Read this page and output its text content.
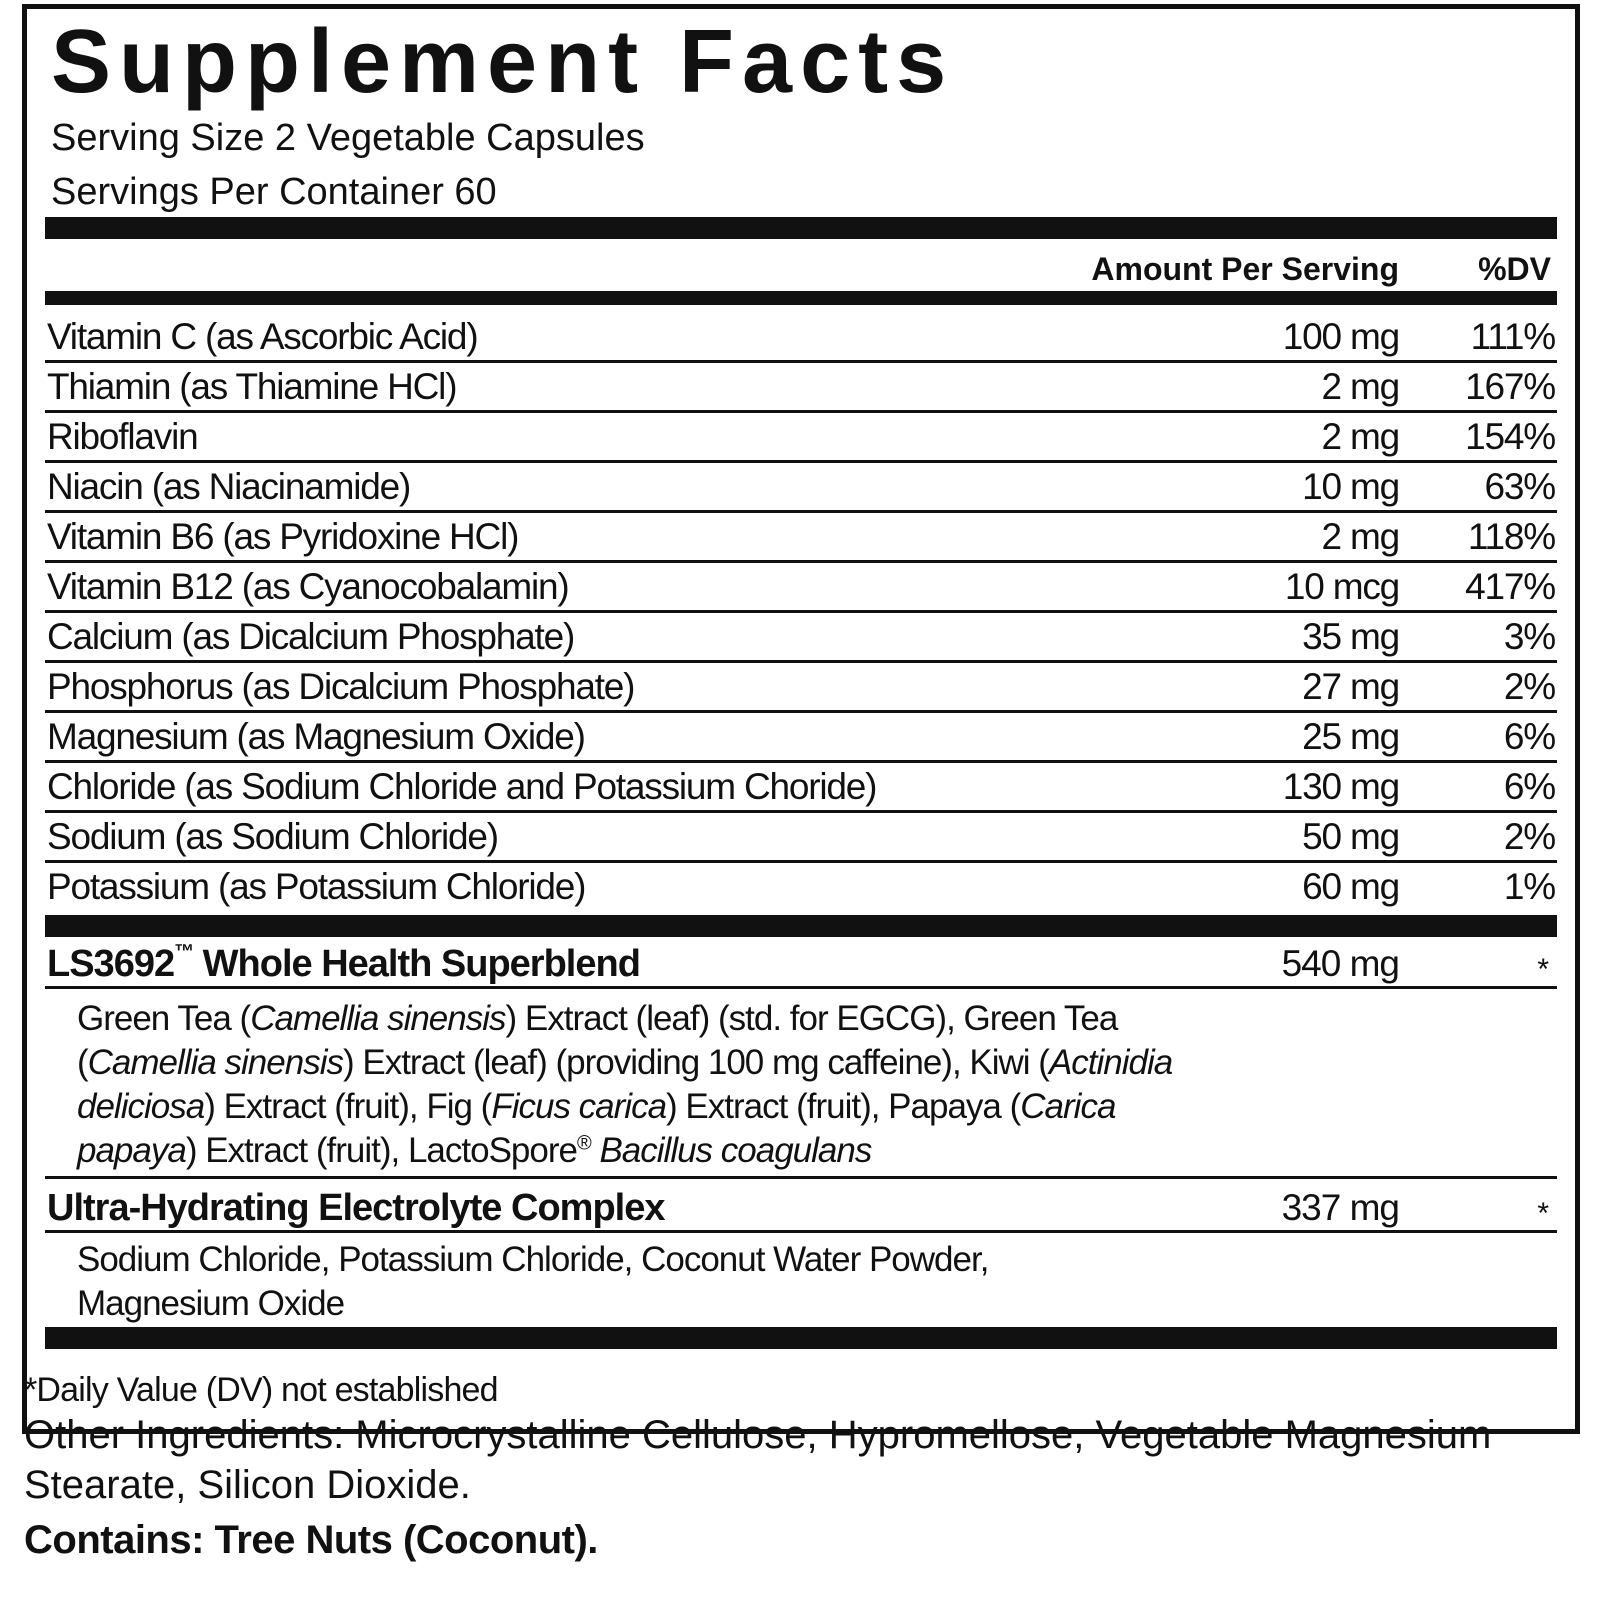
Supplement Facts
Serving Size 2 Vegetable Capsules
Servings Per Container 60
Amount Per Serving %DV
Vitamin C (as Ascorbic Acid)	100 mg 111%
Thiamin (as Thiamine HCl)	2 mg 167%
Riboflavin	2 mg 154%
Niacin (as Niacinamide)	10 mg 63%
Vitamin B6 (as Pyridoxine HCl)	2 mg 118%
Vitamin B12 (as Cyanocobalamin)	10 mcg 417%
Calcium (as Dicalcium Phosphate)	35 mg	3%
Phosphorus (as Dicalcium Phosphate)	27 mg	2%
Magnesium (as Magnesium Oxide)	25 mg	6%
Chloride (as Sodium Chloride and Potassium Choride)	130 mg	6%
Sodium (as Sodium Chloride)	50 mg	2%
Potassium (as Potassium Chloride)	60 mg	1%
LS3692™ Whole Health Superblend	540 mg	*
Green Tea (Camellia sinensis) Extract (leaf) (std. for EGCG), Green Tea (Camellia sinensis) Extract (leaf) (providing 100 mg caffeine), Kiwi (Actinidia deliciosa) Extract (fruit), Fig (Ficus carica) Extract (fruit), Papaya (Carica papaya) Extract (fruit), LactoSpore® Bacillus coagulans
Ultra-Hydrating Electrolyte Complex	337 mg	*
Sodium Chloride, Potassium Chloride, Coconut Water Powder, Magnesium Oxide
*Daily Value (DV) not established
Other Ingredients: Microcrystalline Cellulose, Hypromellose, Vegetable Magnesium Stearate, Silicon Dioxide.
Contains: Tree Nuts (Coconut).
